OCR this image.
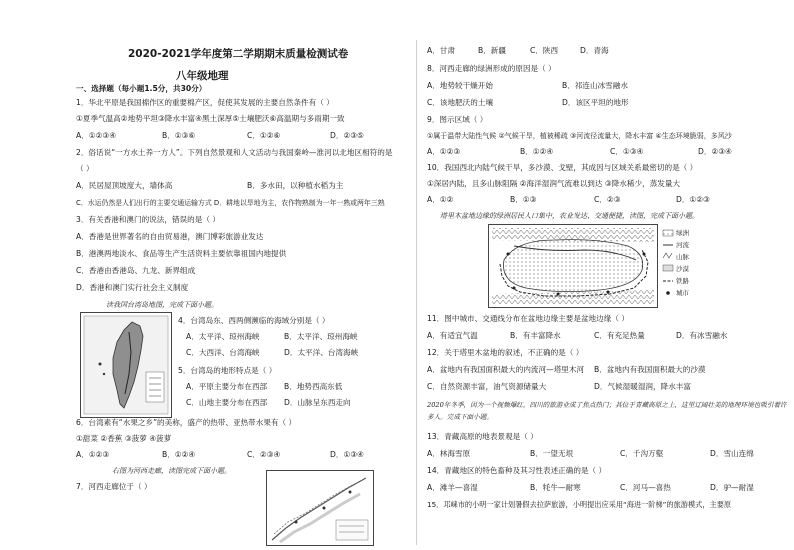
2020-2021学年度第二学期期末质量检测试卷
八年级地理
一、选择题（每小题1.5分，共30分）
1．华北平原是我国棉作区的重要棉产区，促使其发展的主要自然条件有（ ）
①夏季气温高②地势平坦③降水丰富④黑土深厚⑤土壤肥沃⑥高温期与多雨期一致
A．①②③④	B．①③⑥	C．①②⑥	D．②③⑤
2．俗话说“一方水土养一方人”。下列自然景观和人文活动与我国秦岭—淮河以北地区相符的是
（ ）
A．民居屋顶坡度大，墙体高	B．多水田，以种植水稻为主
C．水运仍然是人们出行的主要交通运输方式 D．耕地以旱地为主，农作物熟制为一年一熟或两年三熟
3．有关香港和澳门的说法，错误的是（ ）
A．香港是世界著名的自由贸易港，澳门博彩旅游业发达
B．港澳两地淡水、食品等生产生活资料主要依靠祖国内地提供
C．香港由香港岛、九龙、新界组成
D．香港和澳门实行社会主义制度
读我国台湾岛地图，完成下面小题。
4．台湾岛东、西两侧濒临的海域分别是（ ）
A．太平洋、琼州海峡	B．太平洋、琼州海峡
C．大西洋、台湾海峡	D．太平洋、台湾海峡
5．台湾岛的地形特点是（ ）
A．平原主要分布在西部 B．地势西高东低
C．山地主要分布在西部 D．山脉呈东西走向
6．台湾素有“水果之乡”的美称，盛产的热带、亚热带水果有（ ）
①甜菜 ②香蕉 ③菠萝 ④菠萝
A．①②③	B．①②④	C．②③④	D．①③④
右图为河西走廊，读图完成下面小题。
7．河西走廊位于（ ）
A．甘肃	B．新疆	C．陕西	D．青海
8．河西走廊的绿洲形成的原因是（ ）
A．地势较干燥开始	B．祁连山冰雪融水
C．该地肥沃的土壤	D．该区平坦的地形
9．图示区域（ ）
①属于温带大陆性气候 ②气候干旱，植被稀疏 ③河流径流量大，降水丰富 ④生态环境脆弱，多风沙
A．①②③	B．①②④	C．①③④	D．②③④
10．我国西北内陆气候干旱，多沙漠、戈壁，其成因与区域关系最密切的是（ ）
①深居内陆，且多山脉阻隔 ②海洋湿润气流难以到达 ③降水稀少，蒸发量大
A．①②	B．①③	C．②③	D．①②③
塔里木盆地边缘的绿洲居民人口集中，农业发达、交通便捷，读图，完成下面小题。
绿洲
河流
山脉
沙漠
铁路
城市
11．图中城市、交通线分布在盆地边缘主要是盆地边缘（ ）
A．有适宜气温	B．有丰富降水	C．有充足热量	D．有冰雪融水
12．关于塔里木盆地的叙述，不正确的是（ ）
A．盆地内有我国面积最大的内流河—塔里木河 B．盆地内有我国面积最大的沙漠
C．自然资源丰富，油气资源储量大	D．气候湿暖湿润，降水丰富
2020年冬季，因为一个视频爆红，四川的旅游业成了焦点热门；其位于青藏高原之上，这里辽阔壮美的地理环境也吸引着许多人。完成下面小题。
13．青藏高原的地表景观是（ ）
A．林海雪原	B．一望无垠	C．千沟万壑	D．雪山连绵
14．青藏地区的特色畜种及其习性表述正确的是（ ）
A．滩羊—喜湿	B．牦牛—耐寒	C．河马—喜热	D．驴—耐湿
15．邛崃市的小明一家计划暑假去拉萨旅游，小明提出应采用“海进一阶梯”的旅游模式，主要原
